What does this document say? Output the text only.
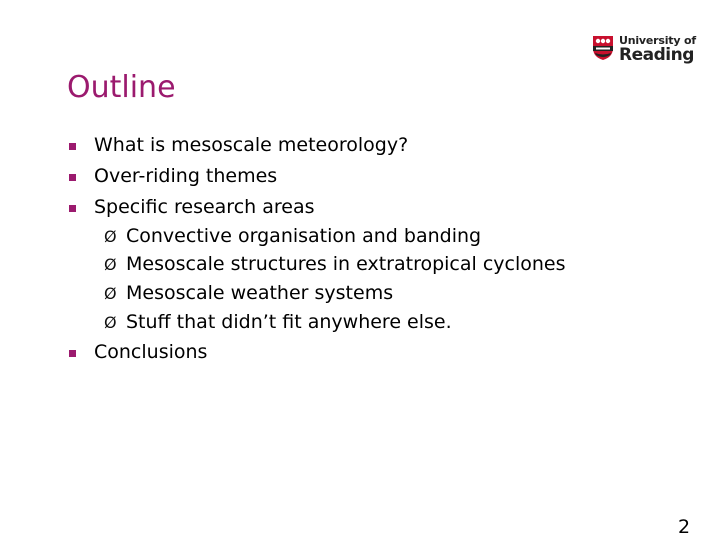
University of
Reading
Outline
What is mesoscale meteorology?
Over-riding themes
Specific research areas
Ø Convective organisation and banding
Ø Mesoscale structures in extratropical cyclones
Ø Mesoscale weather systems
Ø Stuff that didn’t fit anywhere else.
Conclusions
2
